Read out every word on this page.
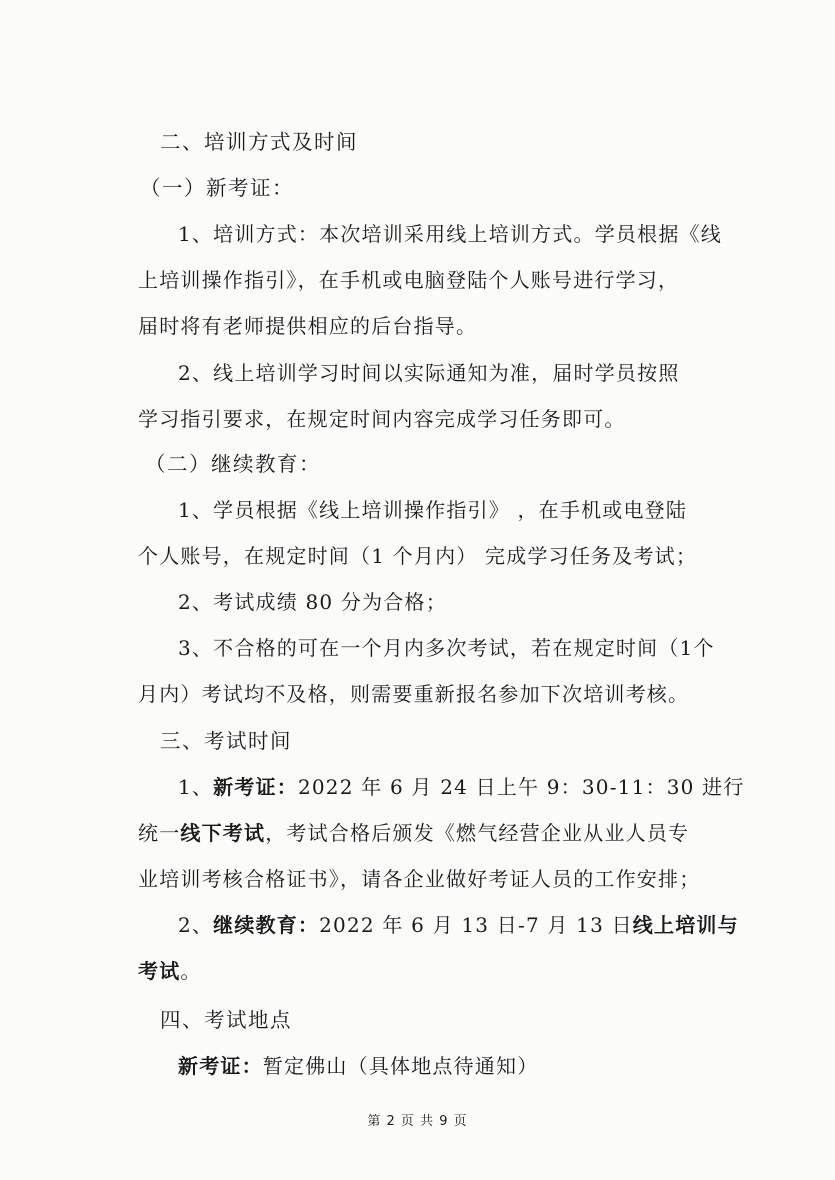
二、培训方式及时间
（一）新考证：
1、培训方式：本次培训采用线上培训方式。学员根据《线
上培训操作指引》，在手机或电脑登陆个人账号进行学习，
届时将有老师提供相应的后台指导。
2、线上培训学习时间以实际通知为准，届时学员按照
学习指引要求，在规定时间内容完成学习任务即可。
（二）继续教育：
1、学员根据《线上培训操作指引》 ，在手机或电登陆
个人账号，在规定时间（1 个月内） 完成学习任务及考试；
2、考试成绩 80 分为合格；
3、不合格的可在一个月内多次考试，若在规定时间（1个
月内）考试均不及格，则需要重新报名参加下次培训考核。
三、考试时间
1、新考证：2022 年 6 月 24 日上午 9：30-11：30 进行
统一线下考试，考试合格后颁发《燃气经营企业从业人员专
业培训考核合格证书》，请各企业做好考证人员的工作安排；
2、继续教育：2022 年 6 月 13 日-7 月 13 日线上培训与
考试。
四、考试地点
新考证：暂定佛山（具体地点待通知）
第 2 页 共 9 页
